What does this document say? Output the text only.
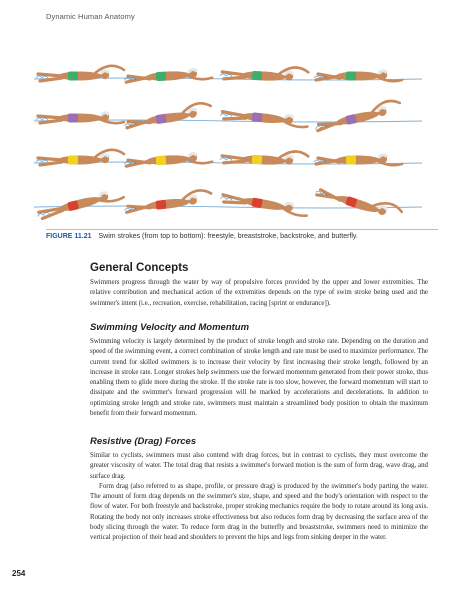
Dynamic Human Anatomy
FIGURE 11.21 Swim strokes (from top to bottom): freestyle, breaststroke, backstroke, and butterfly.
General Concepts

Swimmers progress through the water by way of propulsive forces provided by the upper and lower extremities. The relative contribution and mechanical action of the extremities depends on the type of swim stroke being used and the swimmer's intent (i.e., recreation, exercise, rehabilitation, racing [sprint or endurance]).

Swimming Velocity and Momentum

Swimming velocity is largely determined by the product of stroke length and stroke rate. Depending on the duration and speed of the swimming event, a correct combination of stroke length and rate must be used to maximize performance. The current trend for skilled swimmers is to increase their velocity by first increasing their stroke length, followed by an increase in stroke rate. Longer strokes help swimmers use the forward momentum generated from their power stroke, thus enabling them to glide more during the stroke. If the stroke rate is too slow, however, the forward momentum will start to dissipate and the swimmer's forward progression will be marked by accelerations and decelerations. In addition to optimizing stroke length and stroke rate, swimmers must maintain a streamlined body position to obtain the maximum benefit from their forward momentum.

Resistive (Drag) Forces

Similar to cyclists, swimmers must also contend with drag forces, but in contrast to cyclists, they must overcome the greater viscosity of water. The total drag that resists a swimmer's forward motion is the sum of form drag, wave drag, and surface drag.

Form drag (also referred to as shape, profile, or pressure drag) is produced by the swimmer's body parting the water. The amount of form drag depends on the swimmer's size, shape, and speed and the body's orientation with respect to the flow of water. For both freestyle and backstroke, proper stroking mechanics require the body to rotate around its long axis. Rotating the body not only increases stroke effectiveness but also reduces form drag by decreasing the surface area of the body slicing through the water. To reduce form drag in the butterfly and breaststroke, swimmers need to minimize the vertical projection of their head and shoulders to prevent the hips and legs from sinking deeper in the water.

254
